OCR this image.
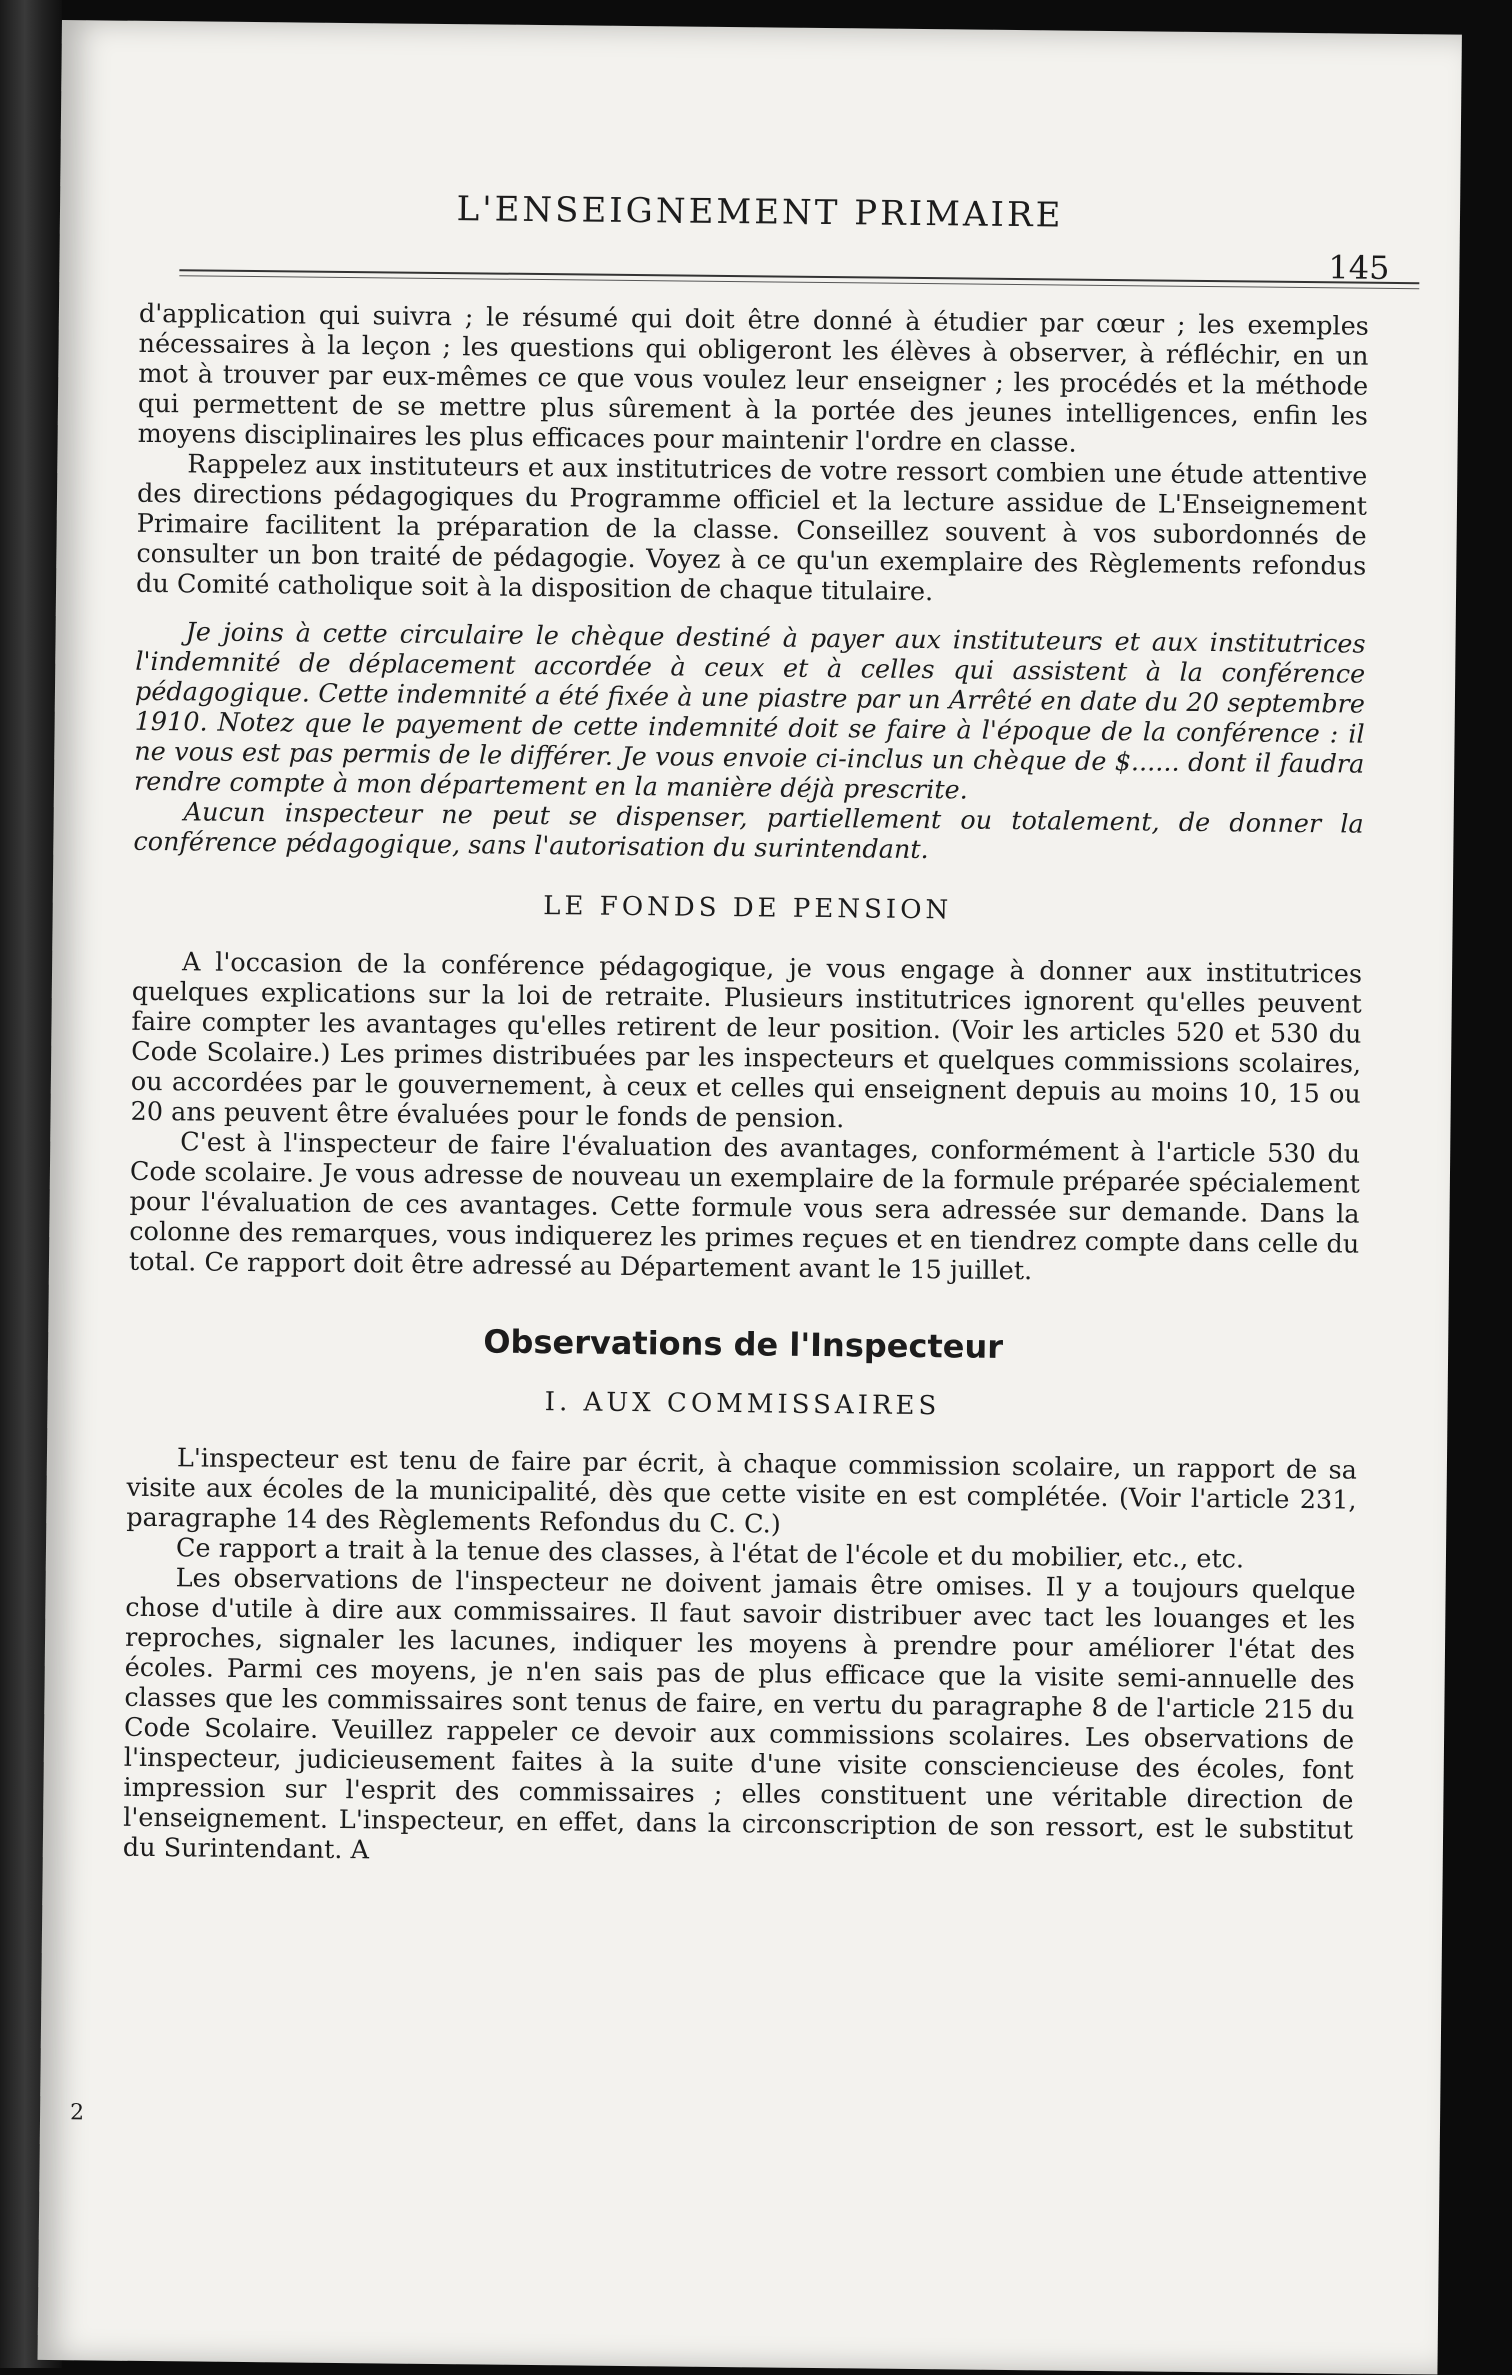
L'ENSEIGNEMENT PRIMAIRE
145

d'application qui suivra ; le résumé qui doit être donné à étudier par cœur ; les exemples nécessaires à la leçon ; les questions qui obligeront les élèves à observer, à réfléchir, en un mot à trouver par eux-mêmes ce que vous voulez leur enseigner ; les procédés et la méthode qui permettent de se mettre plus sûrement à la portée des jeunes intelligences, enfin les moyens disciplinaires les plus efficaces pour maintenir l'ordre en classe.

Rappelez aux instituteurs et aux institutrices de votre ressort combien une étude attentive des directions pédagogiques du Programme officiel et la lecture assidue de L'Enseignement Primaire facilitent la préparation de la classe. Conseillez souvent à vos subordonnés de consulter un bon traité de pédagogie. Voyez à ce qu'un exemplaire des Règlements refondus du Comité catholique soit à la disposition de chaque titulaire.

Je joins à cette circulaire le chèque destiné à payer aux instituteurs et aux institutrices l'indemnité de déplacement accordée à ceux et à celles qui assistent à la conférence pédagogique. Cette indemnité a été fixée à une piastre par un Arrêté en date du 20 septembre 1910. Notez que le payement de cette indemnité doit se faire à l'époque de la conférence : il ne vous est pas permis de le différer. Je vous envoie ci-inclus un chèque de $...... dont il faudra rendre compte à mon département en la manière déjà prescrite.

Aucun inspecteur ne peut se dispenser, partiellement ou totalement, de donner la conférence pédagogique, sans l'autorisation du surintendant.

LE FONDS DE PENSION

A l'occasion de la conférence pédagogique, je vous engage à donner aux institutrices quelques explications sur la loi de retraite. Plusieurs institutrices ignorent qu'elles peuvent faire compter les avantages qu'elles retirent de leur position. (Voir les articles 520 et 530 du Code Scolaire.) Les primes distribuées par les inspecteurs et quelques commissions scolaires, ou accordées par le gouvernement, à ceux et celles qui enseignent depuis au moins 10, 15 ou 20 ans peuvent être évaluées pour le fonds de pension.

C'est à l'inspecteur de faire l'évaluation des avantages, conformément à l'article 530 du Code scolaire. Je vous adresse de nouveau un exemplaire de la formule préparée spécialement pour l'évaluation de ces avantages. Cette formule vous sera adressée sur demande. Dans la colonne des remarques, vous indiquerez les primes reçues et en tiendrez compte dans celle du total. Ce rapport doit être adressé au Département avant le 15 juillet.

Observations de l'Inspecteur
I. AUX COMMISSAIRES

L'inspecteur est tenu de faire par écrit, à chaque commission scolaire, un rapport de sa visite aux écoles de la municipalité, dès que cette visite en est complétée. (Voir l'article 231, paragraphe 14 des Règlements Refondus du C. C.)

Ce rapport a trait à la tenue des classes, à l'état de l'école et du mobilier, etc., etc.

Les observations de l'inspecteur ne doivent jamais être omises. Il y a toujours quelque chose d'utile à dire aux commissaires. Il faut savoir distribuer avec tact les louanges et les reproches, signaler les lacunes, indiquer les moyens à prendre pour améliorer l'état des écoles. Parmi ces moyens, je n'en sais pas de plus efficace que la visite semi-annuelle des classes que les commissaires sont tenus de faire, en vertu du paragraphe 8 de l'article 215 du Code Scolaire. Veuillez rappeler ce devoir aux commissions scolaires. Les observations de l'inspecteur, judicieusement faites à la suite d'une visite consciencieuse des écoles, font impression sur l'esprit des commissaires ; elles constituent une véritable direction de l'enseignement. L'inspecteur, en effet, dans la circonscription de son ressort, est le substitut du Surintendant. A

2
